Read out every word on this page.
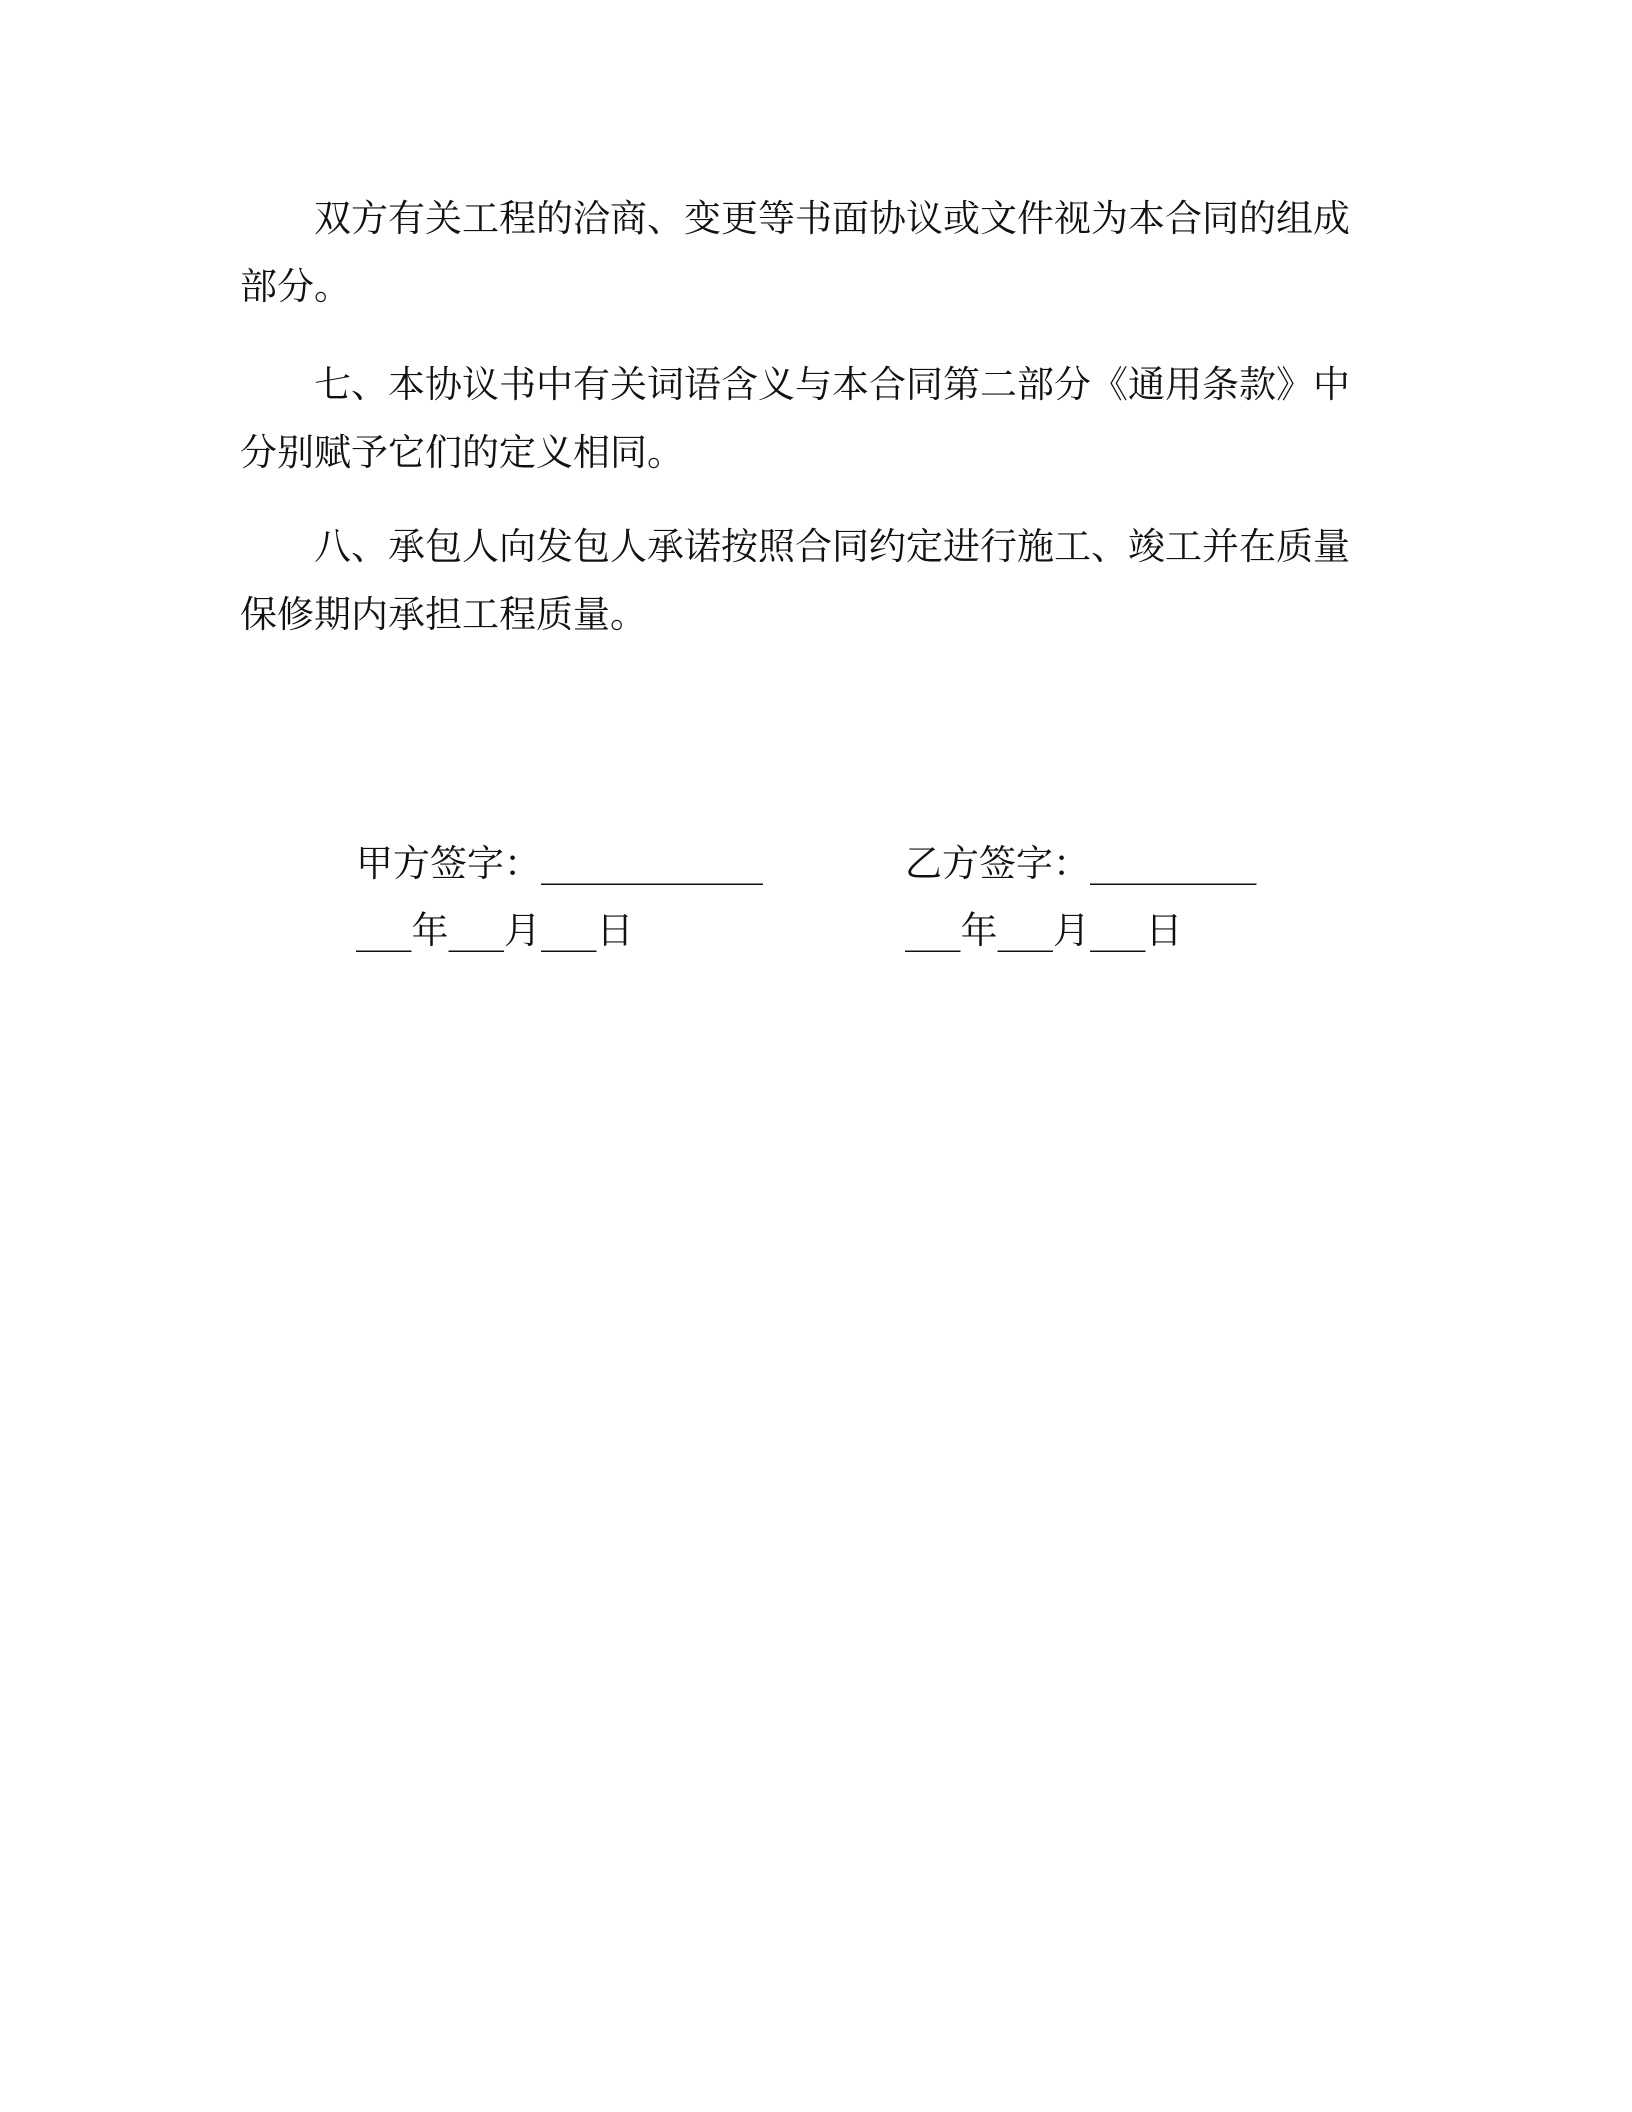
双方有关工程的洽商、变更等书面协议或文件视为本合同的组成部分。

七、本协议书中有关词语含义与本合同第二部分《通用条款》中分别赋予它们的定义相同。

八、承包人向发包人承诺按照合同约定进行施工、竣工并在质量保修期内承担工程质量。

甲方签字：____________
___年___月___日
乙方签字：_________
___年___月___日
